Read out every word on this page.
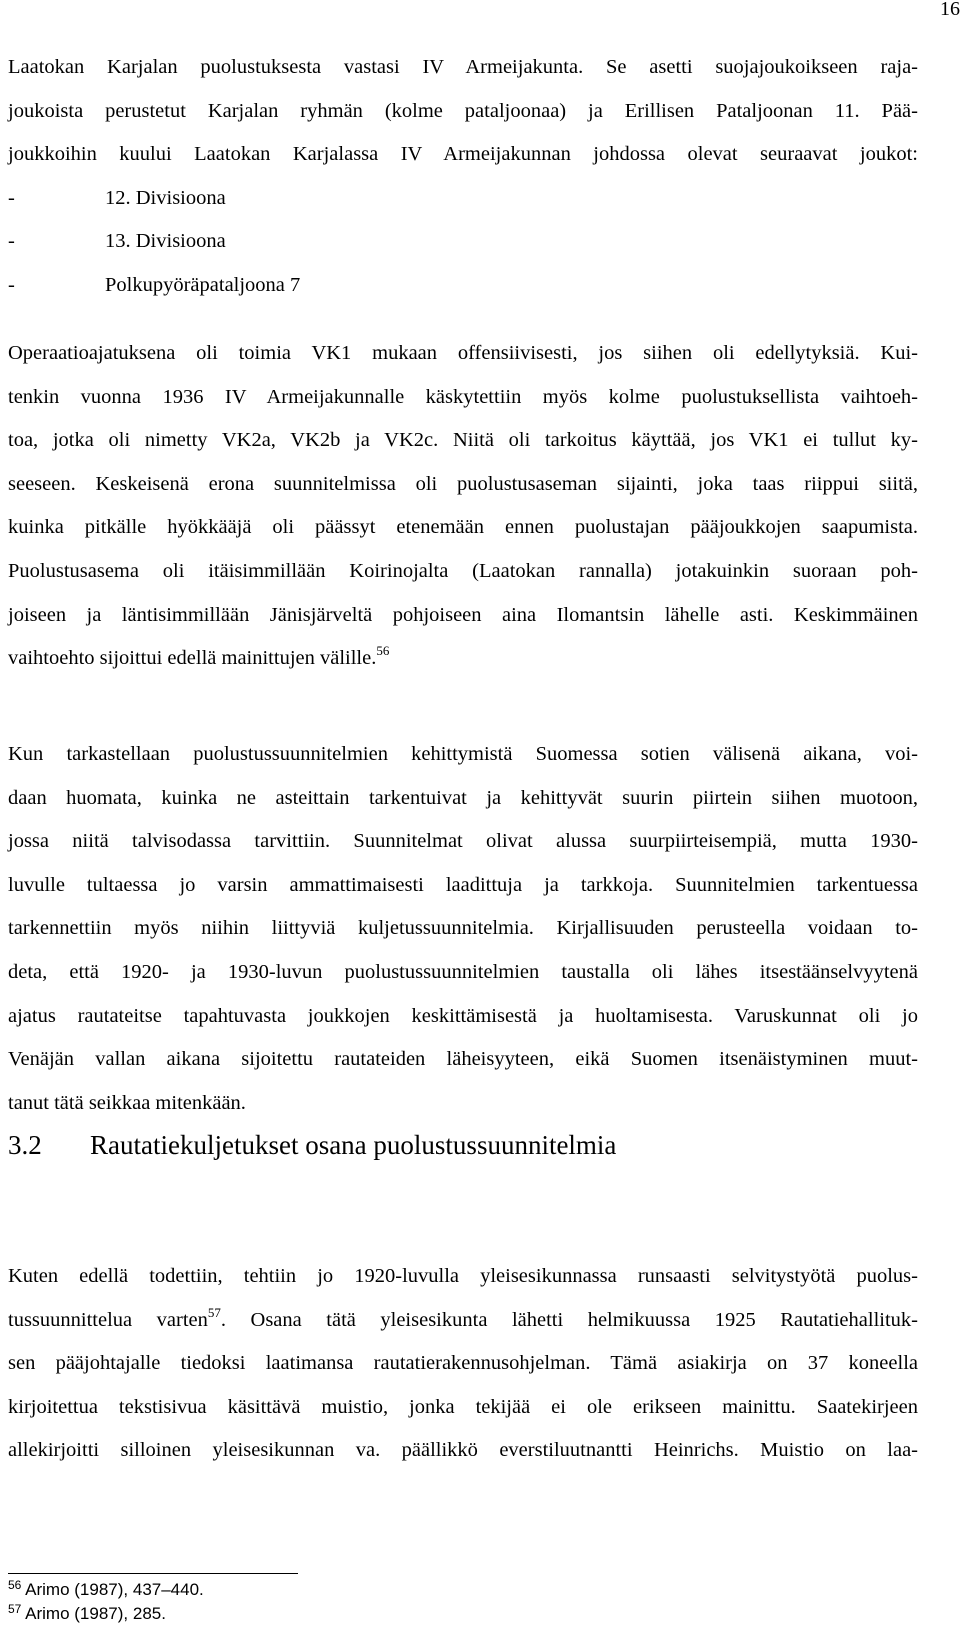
16
Laatokan Karjalan puolustuksesta vastasi IV Armeijakunta. Se asetti suojajoukoikseen raja-
joukoista perustetut Karjalan ryhmän (kolme pataljoonaa) ja Erillisen Pataljoonan 11. Pää-
joukkoihin kuului Laatokan Karjalassa IV Armeijakunnan johdossa olevat seuraavat joukot:
-	12. Divisioona
-	13. Divisioona
-	Polkupyöräpataljoona 7
Operaatioajatuksena oli toimia VK1 mukaan offensiivisesti, jos siihen oli edellytyksiä. Kui-
tenkin vuonna 1936 IV Armeijakunnalle käskytettiin myös kolme puolustuksellista vaihtoeh-
toa, jotka oli nimetty VK2a, VK2b ja VK2c. Niitä oli tarkoitus käyttää, jos VK1 ei tullut ky-
seeseen. Keskeisenä erona suunnitelmissa oli puolustusaseman sijainti, joka taas riippui siitä,
kuinka pitkälle hyökkääjä oli päässyt etenemään ennen puolustajan pääjoukkojen saapumista.
Puolustusasema oli itäisimmillään Koirinojalta (Laatokan rannalla) jotakuinkin suoraan poh-
joiseen ja läntisimmillään Jänisjärveltä pohjoiseen aina Ilomantsin lähelle asti. Keskimmäinen
vaihtoehto sijoittui edellä mainittujen välille.$^{56}$
Kun tarkastellaan puolustussuunnitelmien kehittymistä Suomessa sotien välisenä aikana, voi-
daan huomata, kuinka ne asteittain tarkentuivat ja kehittyvät suurin piirtein siihen muotoon,
jossa niitä talvisodassa tarvittiin. Suunnitelmat olivat alussa suurpiirteisempiä, mutta 1930-
luvulle tultaessa jo varsin ammattimaisesti laadittuja ja tarkkoja. Suunnitelmien tarkentuessa
tarkennettiin myös niihin liittyviä kuljetussuunnitelmia. Kirjallisuuden perusteella voidaan to-
deta, että 1920- ja 1930-luvun puolustussuunnitelmien taustalla oli lähes itsestäänselvyytenä
ajatus rautateitse tapahtuvasta joukkojen keskittämisestä ja huoltamisesta. Varuskunnat oli jo
Venäjän vallan aikana sijoitettu rautateiden läheisyyteen, eikä Suomen itsenäistyminen muut-
tanut tätä seikkaa mitenkään.
3.2	Rautatiekuljetukset osana puolustussuunnitelmia
Kuten edellä todettiin, tehtiin jo 1920-luvulla yleisesikunnassa runsaasti selvitystyötä puolus-
tussuunnittelua varten$^{57}$. Osana tätä yleisesikunta lähetti helmikuussa 1925 Rautatiehallituk-
sen pääjohtajalle tiedoksi laatimansa rautatierakennusohjelman. Tämä asiakirja on 37 koneella
kirjoitettua tekstisivua käsittävä muistio, jonka tekijää ei ole erikseen mainittu. Saatekirjeen
allekirjoitti silloinen yleisesikunnan va. päällikkö everstiluutnantti Heinrichs. Muistio on laa-
$^{56}$ Arimo (1987), 437–440.
$^{57}$ Arimo (1987), 285.
